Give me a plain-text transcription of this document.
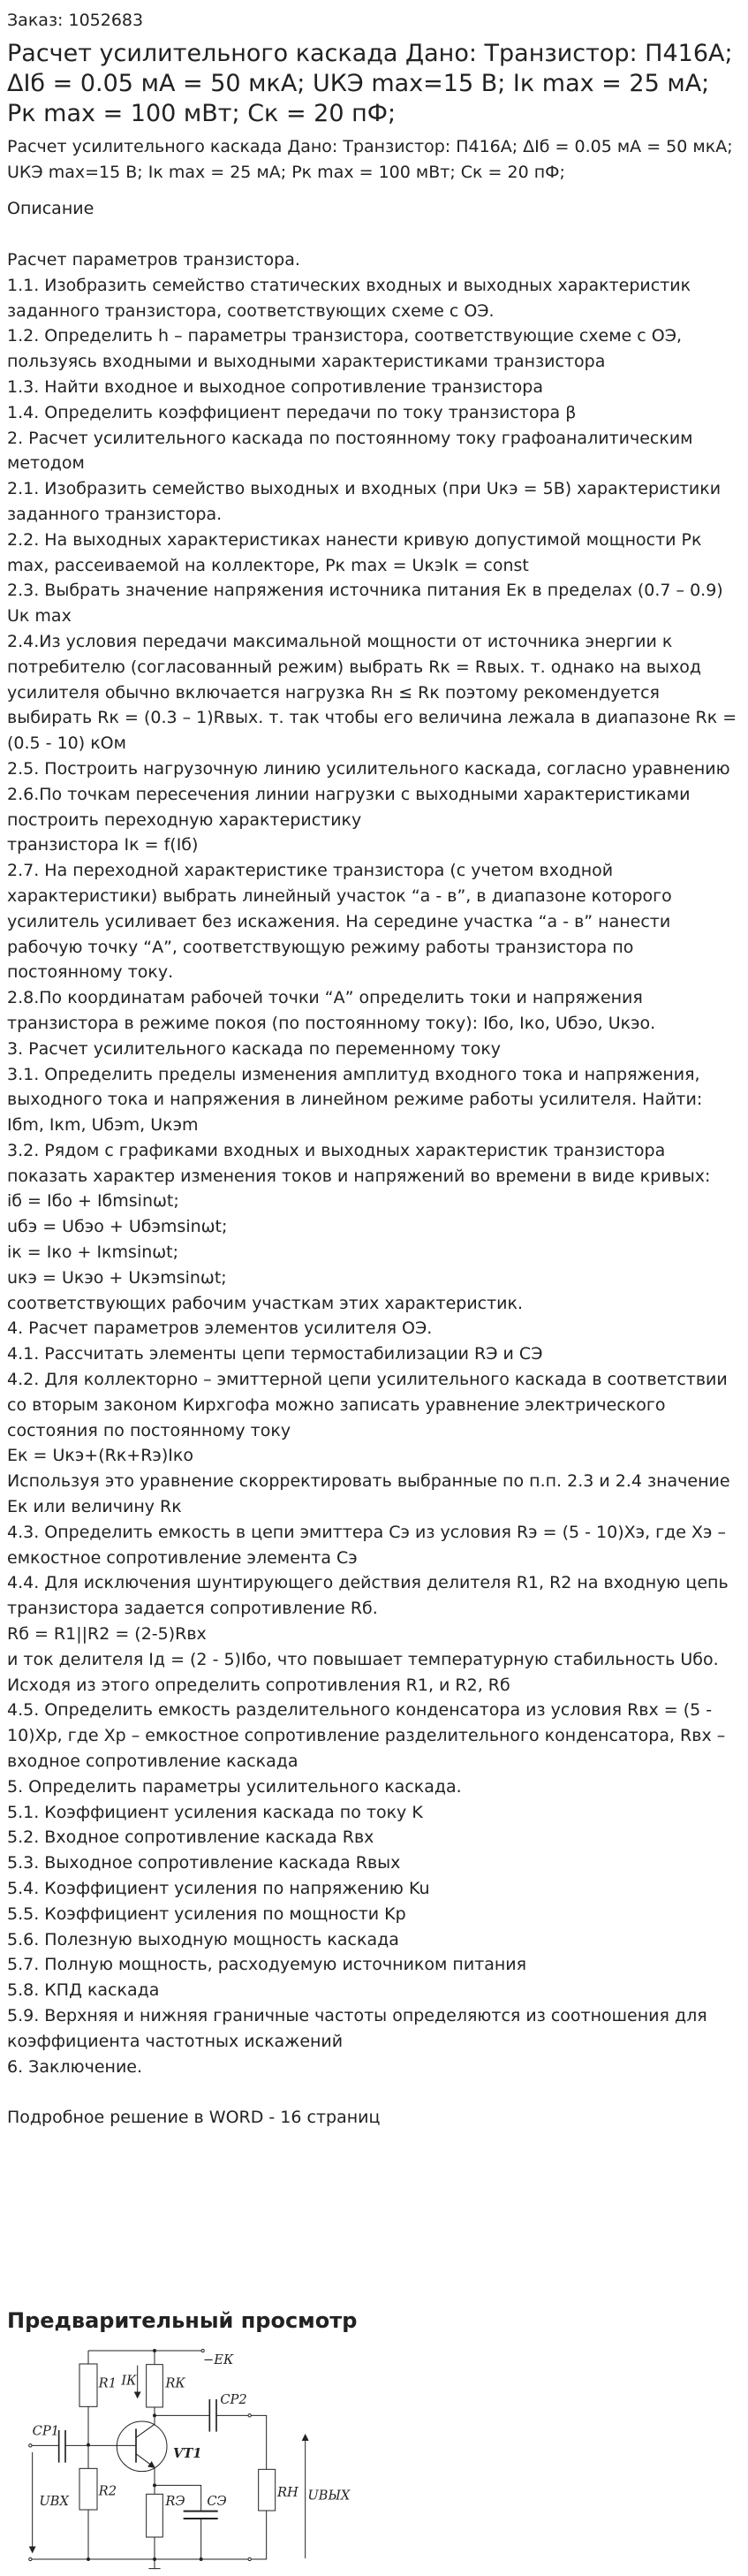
Заказ: 1052683
Расчет усилительного каскада Дано: Транзистор: П416А; ΔIб = 0.05 мА = 50 мкА; UКЭ max=15 В; Iк max = 25 мА; Pк max = 100 мВт; Cк = 20 пФ;
Расчет усилительного каскада Дано: Транзистор: П416А; ΔIб = 0.05 мА = 50 мкА; UКЭ max=15 В; Iк max = 25 мА; Pк max = 100 мВт; Cк = 20 пФ;
Описание

Расчет параметров транзистора.

1.1. Изобразить семейство статических входных и выходных характеристик заданного транзистора, соответствующих схеме с ОЭ.

1.2. Определить h – параметры транзистора, соответствующие схеме с ОЭ, пользуясь входными и выходными характеристиками транзистора

1.3. Найти входное и выходное сопротивление транзистора

1.4. Определить коэффициент передачи по току транзистора β

2. Расчет усилительного каскада по постоянному току графоаналитическим методом

2.1. Изобразить семейство выходных и входных (при Uкэ = 5В) характеристики заданного транзистора.

2.2. На выходных характеристиках нанести кривую допустимой мощности Pк max, рассеиваемой на коллекторе, Pк max = UкэIк = const

2.3. Выбрать значение напряжения источника питания Eк в пределах (0.7 – 0.9) Uк max

2.4.Из условия передачи максимальной мощности от источника энергии к потребителю (согласованный режим) выбрать Rк = Rвых. т. однако на выход усилителя обычно включается нагрузка Rн ≤ Rк поэтому рекомендуется выбирать Rк = (0.3 – 1)Rвых. т. так чтобы его величина лежала в диапазоне Rк = (0.5 - 10) кОм

2.5. Построить нагрузочную линию усилительного каскада, согласно уравнению

2.6.По точкам пересечения линии нагрузки с выходными характеристиками построить переходную характеристику

транзистора Iк = f(Iб)

2.7. На переходной характеристике транзистора (с учетом входной характеристики) выбрать линейный участок “а - в”, в диапазоне которого усилитель усиливает без искажения. На середине участка “а - в” нанести рабочую точку “А”, соответствующую режиму работы транзистора по постоянному току.

2.8.По координатам рабочей точки “А” определить токи и напряжения транзистора в режиме покоя (по постоянному току): Iбо, Iко, Uбэо, Uкэо.

3. Расчет усилительного каскада по переменному току

3.1. Определить пределы изменения амплитуд входного тока и напряжения, выходного тока и напряжения в линейном режиме работы усилителя. Найти: Iбm, Iкm, Uбэm, Uкэm

3.2. Рядом с графиками входных и выходных характеристик транзистора показать характер изменения токов и напряжений во времени в виде кривых:

iб = Iбо + Iбmsinωt;

uбэ = Uбэо + Uбэmsinωt;

iк = Iко + Iкmsinωt;

uкэ = Uкэо + Uкэmsinωt;

соответствующих рабочим участкам этих характеристик.

4. Расчет параметров элементов усилителя ОЭ.

4.1. Рассчитать элементы цепи термостабилизации RЭ и CЭ

4.2. Для коллекторно – эмиттерной цепи усилительного каскада в соответствии со вторым законом Кирхгофа можно записать уравнение электрического состояния по постоянному току

Eк = Uкэ+(Rк+Rэ)Iко

Используя это уравнение скорректировать выбранные по п.п. 2.3 и 2.4 значение Eк или величину Rк

4.3. Определить емкость в цепи эмиттера Cэ из условия Rэ = (5 - 10)Xэ, где Xэ – емкостное сопротивление элемента Cэ

4.4. Для исключения шунтирующего действия делителя R1, R2 на входную цепь транзистора задается сопротивление Rб.

Rб = R1||R2 = (2-5)Rвх

и ток делителя Iд = (2 - 5)Iбо, что повышает температурную стабильность Uбо.

Исходя из этого определить сопротивления R1, и R2, Rб

4.5. Определить емкость разделительного конденсатора из условия Rвх = (5 - 10)Xр, где Xр – емкостное сопротивление разделительного конденсатора, Rвх – входное сопротивление каскада

5. Определить параметры усилительного каскада.

5.1. Коэффициент усиления каскада по току K

5.2. Входное сопротивление каскада Rвх

5.3. Выходное сопротивление каскада Rвых

5.4. Коэффициент усиления по напряжению Ku

5.5. Коэффициент усиления по мощности Kp

5.6. Полезную выходную мощность каскада

5.7. Полную мощность, расходуемую источником питания

5.8. КПД каскада

5.9. Верхняя и нижняя граничные частоты определяются из соотношения для коэффициента частотных искажений

6. Заключение.

Подробное решение в WORD - 16 страниц

Предварительный просмотр
−EК
R1 IК RК
CP2
CP1
VT1
R2
UВХ RЭ CЭ
RН UВЫХ
